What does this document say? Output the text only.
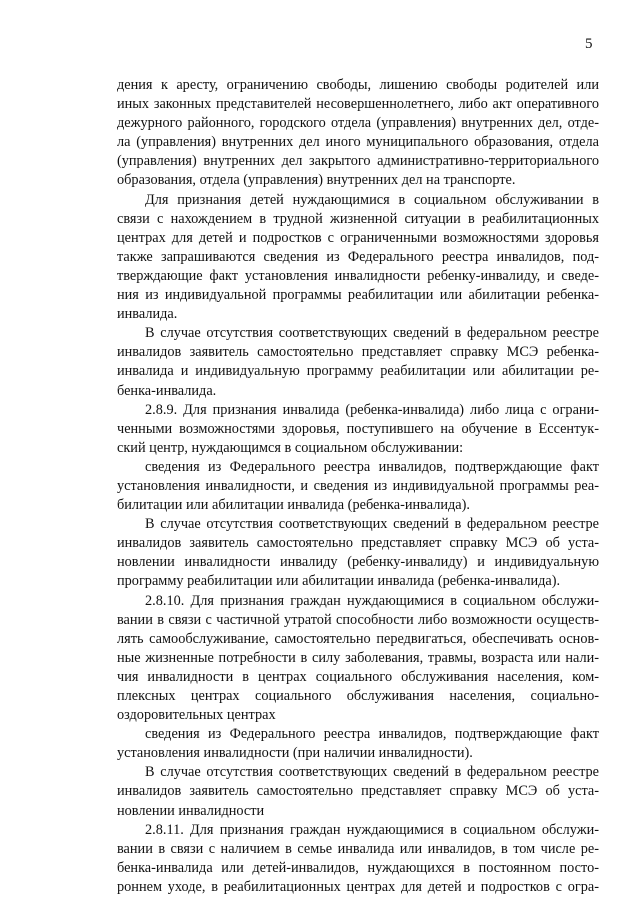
5
дения к аресту, ограничению свободы, лишению свободы родителей или
иных законных представителей несовершеннолетнего, либо акт оперативного
дежурного районного, городского отдела (управления) внутренних дел, отде-
ла (управления) внутренних дел иного муниципального образования, отдела
(управления) внутренних дел закрытого административно-территориального
образования, отдела (управления) внутренних дел на транспорте.
Для признания детей нуждающимися в социальном обслуживании в
связи с нахождением в трудной жизненной ситуации в реабилитационных
центрах для детей и подростков с ограниченными возможностями здоровья
также запрашиваются сведения из Федерального реестра инвалидов, под-
тверждающие факт установления инвалидности ребенку-инвалиду, и сведе-
ния из индивидуальной программы реабилитации или абилитации ребенка-
инвалида.
В случае отсутствия соответствующих сведений в федеральном реестре
инвалидов заявитель самостоятельно представляет справку МСЭ ребенка-
инвалида и индивидуальную программу реабилитации или абилитации ре-
бенка-инвалида.
2.8.9. Для признания инвалида (ребенка-инвалида) либо лица с ограни-
ченными возможностями здоровья, поступившего на обучение в Ессентук-
ский центр, нуждающимся в социальном обслуживании:
сведения из Федерального реестра инвалидов, подтверждающие факт
установления инвалидности, и сведения из индивидуальной программы реа-
билитации или абилитации инвалида (ребенка-инвалида).
В случае отсутствия соответствующих сведений в федеральном реестре
инвалидов заявитель самостоятельно представляет справку МСЭ об уста-
новлении инвалидности инвалиду (ребенку-инвалиду) и индивидуальную
программу реабилитации или абилитации инвалида (ребенка-инвалида).
2.8.10. Для признания граждан нуждающимися в социальном обслужи-
вании в связи с частичной утратой способности либо возможности осуществ-
лять самообслуживание, самостоятельно передвигаться, обеспечивать основ-
ные жизненные потребности в силу заболевания, травмы, возраста или нали-
чия инвалидности в центрах социального обслуживания населения, ком-
плексных центрах социального обслуживания населения, социально-
оздоровительных центрах
сведения из Федерального реестра инвалидов, подтверждающие факт
установления инвалидности (при наличии инвалидности).
В случае отсутствия соответствующих сведений в федеральном реестре
инвалидов заявитель самостоятельно представляет справку МСЭ об уста-
новлении инвалидности
2.8.11. Для признания граждан нуждающимися в социальном обслужи-
вании в связи с наличием в семье инвалида или инвалидов, в том числе ре-
бенка-инвалида или детей-инвалидов, нуждающихся в постоянном посто-
роннем уходе, в реабилитационных центрах для детей и подростков с огра-
